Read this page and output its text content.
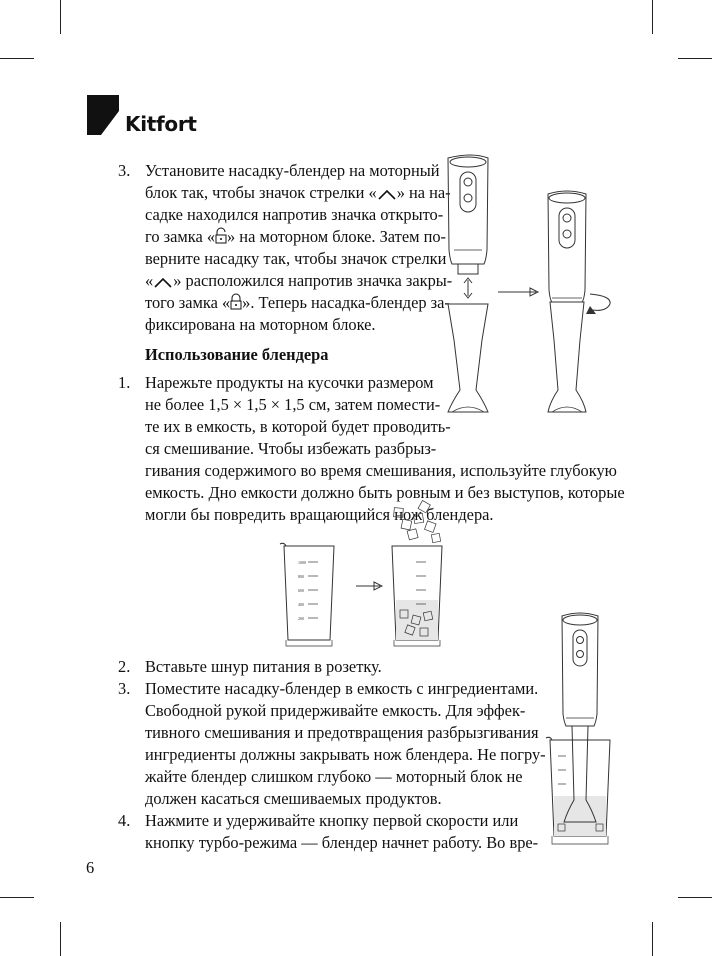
Kitfort
3. Установите насадку-блендер на моторный
блок так, чтобы значок стрелки « » на на-
садке находился напротив значка открыто-
го замка « » на моторном блоке. Затем по-
верните насадку так, чтобы значок стрелки
« » расположился напротив значка закры-
того замка « ». Теперь насадка-блендер за-
фиксирована на моторном блоке.
Использование блендера
1. Нарежьте продукты на кусочки размером
не более 1,5 × 1,5 × 1,5 см, затем помести-
те их в емкость, в которой будет проводить-
ся смешивание. Чтобы избежать разбрыз-
гивания содержимого во время смешивания, используйте глубокую
емкость. Дно емкости должно быть ровным и без выступов, которые
могли бы повредить вращающийся нож блендера.
1000
800
600
400
200
2. Вставьте шнур питания в розетку.
3. Поместите насадку-блендер в емкость с ингредиентами.
Свободной рукой придерживайте емкость. Для эффек-
тивного смешивания и предотвращения разбрызгивания
ингредиенты должны закрывать нож блендера. Не погру-
жайте блендер слишком глубоко — моторный блок не
должен касаться смешиваемых продуктов.
4. Нажмите и удерживайте кнопку первой скорости или
кнопку турбо-режима — блендер начнет работу. Во вре-
6
